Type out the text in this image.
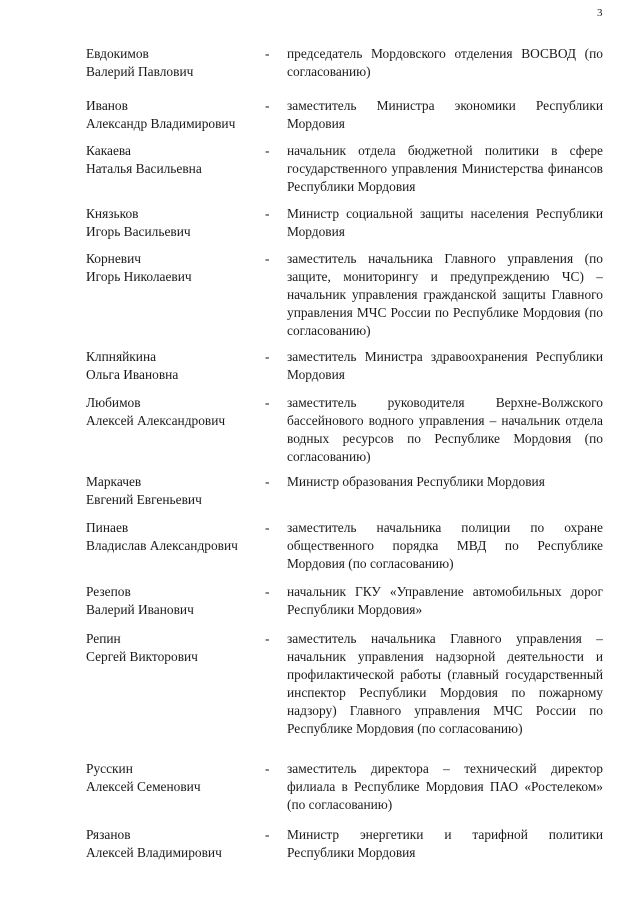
3
Евдокимов
Валерий Павлович
- председатель Мордовского отделения ВОСВОД (по согласованию)
Иванов
Александр Владимирович
- заместитель Министра экономики Республики Мордовия
Какаева
Наталья Васильевна
- начальник отдела бюджетной политики в сфере государственного управления Министерства финансов Республики Мордовия
Князьков
Игорь Васильевич
- Министр социальной защиты населения Республики Мордовия
Корневич
Игорь Николаевич
- заместитель начальника Главного управления (по защите, мониторингу и предупреждению ЧС) – начальник управления гражданской защиты Главного управления МЧС России по Республике Мордовия (по согласованию)
Клпняйкина
Ольга Ивановна
- заместитель Министра здравоохранения Республики Мордовия
Любимов
Алексей Александрович
- заместитель руководителя Верхне-Волжского бассейнового водного управления – начальник отдела водных ресурсов по Республике Мордовия (по согласованию)
Маркачев
Евгений Евгеньевич
- Министр образования Республики Мордовия
Пинаев
Владислав Александрович
- заместитель начальника полиции по охране общественного порядка МВД по Республике Мордовия (по согласованию)
Резепов
Валерий Иванович
- начальник ГКУ «Управление автомобильных дорог Республики Мордовия»
Репин
Сергей Викторович
- заместитель начальника Главного управления – начальник управления надзорной деятельности и профилактической работы (главный государственный инспектор Республики Мордовия по пожарному надзору) Главного управления МЧС России по Республике Мордовия (по согласованию)
Русскин
Алексей Семенович
- заместитель директора – технический директор филиала в Республике Мордовия ПАО «Ростелеком» (по согласованию)
Рязанов
Алексей Владимирович
- Министр энергетики и тарифной политики Республики Мордовия
